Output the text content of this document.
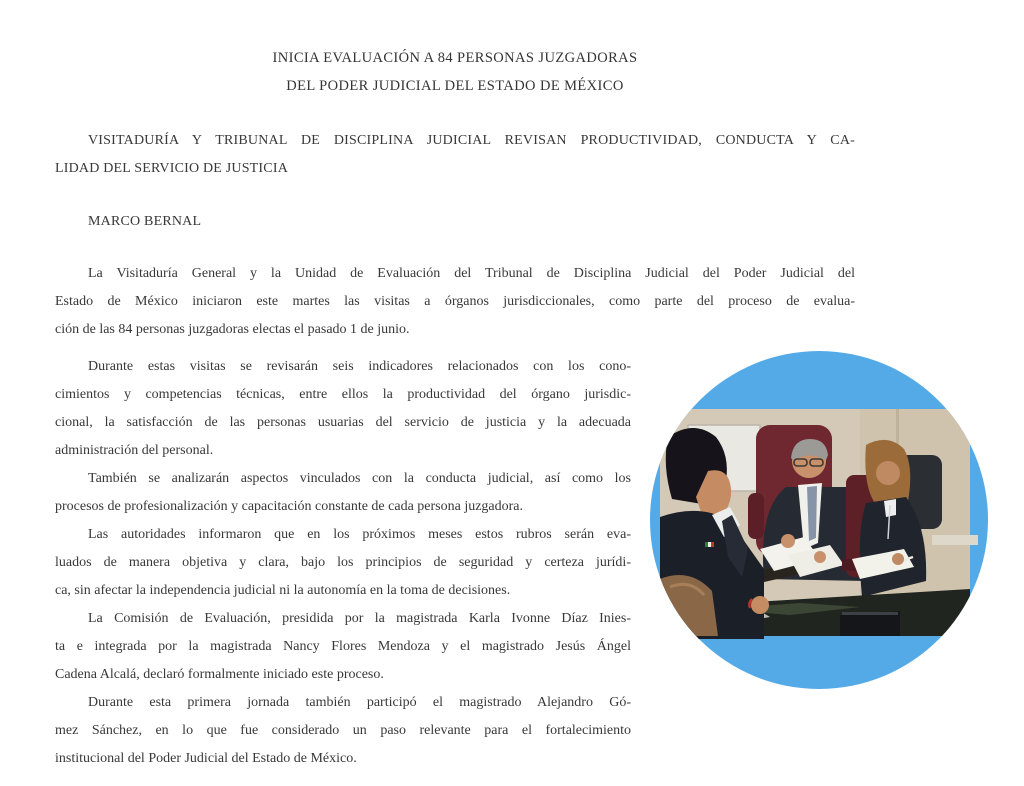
INICIA EVALUACIÓN A 84 PERSONAS JUZGADORAS
DEL PODER JUDICIAL DEL ESTADO DE MÉXICO
VISITADURÍA Y TRIBUNAL DE DISCIPLINA JUDICIAL REVISAN PRODUCTIVIDAD, CONDUCTA Y CA-
LIDAD DEL SERVICIO DE JUSTICIA
MARCO BERNAL
La Visitaduría General y la Unidad de Evaluación del Tribunal de Disciplina Judicial del Poder Judicial del
Estado de México iniciaron este martes las visitas a órganos jurisdiccionales, como parte del proceso de evalua-
ción de las 84 personas juzgadoras electas el pasado 1 de junio.
Durante estas visitas se revisarán seis indicadores relacionados con los cono-
cimientos y competencias técnicas, entre ellos la productividad del órgano jurisdic-
cional, la satisfacción de las personas usuarias del servicio de justicia y la adecuada
administración del personal.
También se analizarán aspectos vinculados con la conducta judicial, así como los
procesos de profesionalización y capacitación constante de cada persona juzgadora.
Las autoridades informaron que en los próximos meses estos rubros serán eva-
luados de manera objetiva y clara, bajo los principios de seguridad y certeza jurídi-
ca, sin afectar la independencia judicial ni la autonomía en la toma de decisiones.
La Comisión de Evaluación, presidida por la magistrada Karla Ivonne Díaz Inies-
ta e integrada por la magistrada Nancy Flores Mendoza y el magistrado Jesús Ángel
Cadena Alcalá, declaró formalmente iniciado este proceso.
Durante esta primera jornada también participó el magistrado Alejandro Gó-
mez Sánchez, en lo que fue considerado un paso relevante para el fortalecimiento
institucional del Poder Judicial del Estado de México.
